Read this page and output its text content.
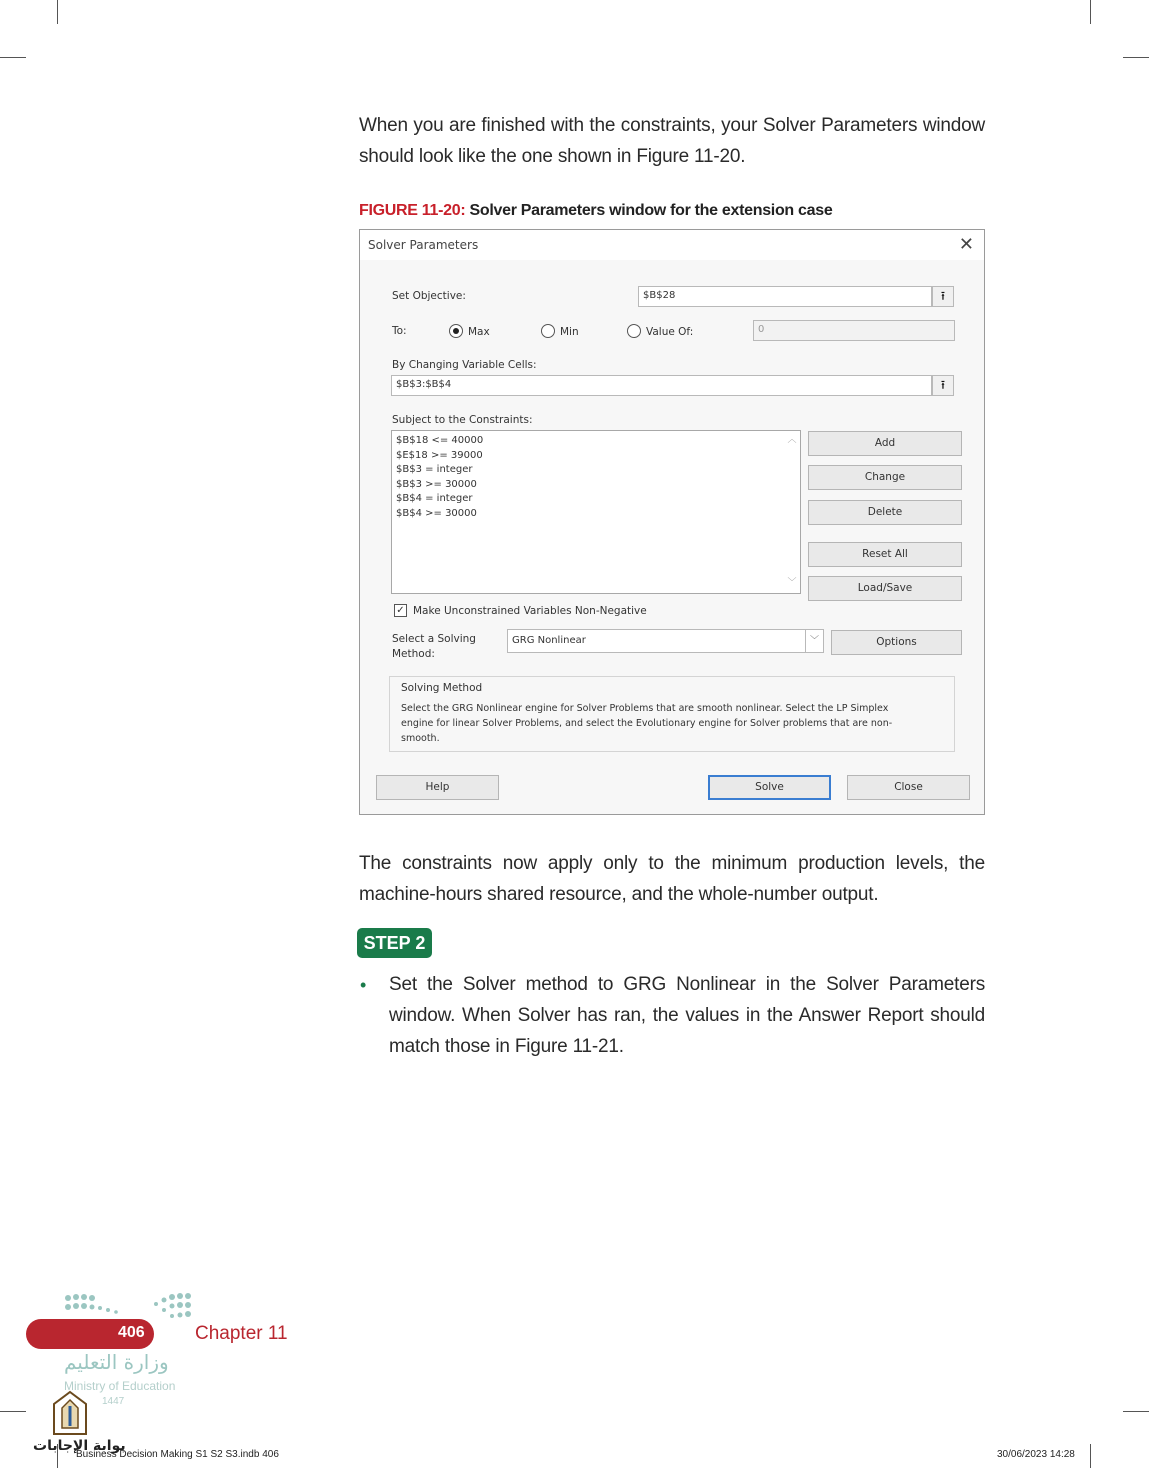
When you are finished with the constraints, your Solver Parameters window should look like the one shown in Figure 11-20.

FIGURE 11-20: Solver Parameters window for the extension case
Solver Parameters	✕
Set Objective:	$B$28	⭱
To:	Max	Min	Value Of:	0
By Changing Variable Cells:
$B$3:$B$4	⭱
Subject to the Constraints:
$B$18 <= 40000
$E$18 >= 39000
$B$3 = integer
$B$3 >= 30000
$B$4 = integer
$B$4 >= 30000
︿
﹀
Add
Change
Delete
Reset All
Load/Save
✓ Make Unconstrained Variables Non-Negative
Select a Solving
Method:
GRG Nonlinear	﹀	Options
Solving Method
Select the GRG Nonlinear engine for Solver Problems that are smooth nonlinear. Select the LP Simplex engine for linear Solver Problems, and select the Evolutionary engine for Solver problems that are non-smooth.
Help	Solve	Close

The constraints now apply only to the minimum production levels, the machine-hours shared resource, and the whole-number output.

STEP 2
• Set the Solver method to GRG Nonlinear in the Solver Parameters window. When Solver has ran, the values in the Answer Report should match those in Figure 11-21.

406	Chapter 11
وزارة التعليم
Ministry of Education
1447
بوابة الإجابات
Business Decision Making S1 S2 S3.indb 406	30/06/2023 14:28
